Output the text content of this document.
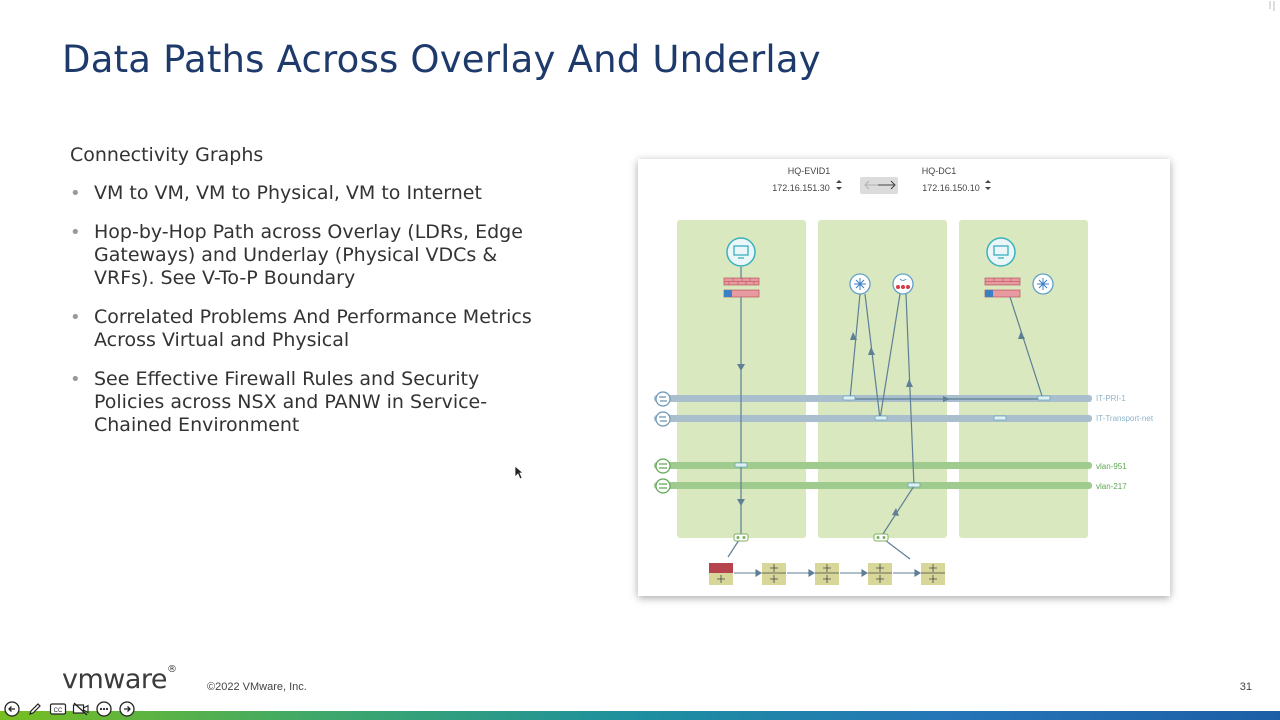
Data Paths Across Overlay And Underlay
Connectivity Graphs
• VM to VM, VM to Physical, VM to Internet
• Hop-by-Hop Path across Overlay (LDRs, Edge Gateways) and Underlay (Physical VDCs & VRFs). See V-To-P Boundary
• Correlated Problems And Performance Metrics Across Virtual and Physical
• See Effective Firewall Rules and Security Policies across NSX and PANW in Service-Chained Environment
HQ-EVID1
172.16.151.30
HQ-DC1
172.16.150.10
IT-PRI-1
IT-Transport-net
vlan-951
vlan-217
vmware®
©2022 VMware, Inc.	31
CC
